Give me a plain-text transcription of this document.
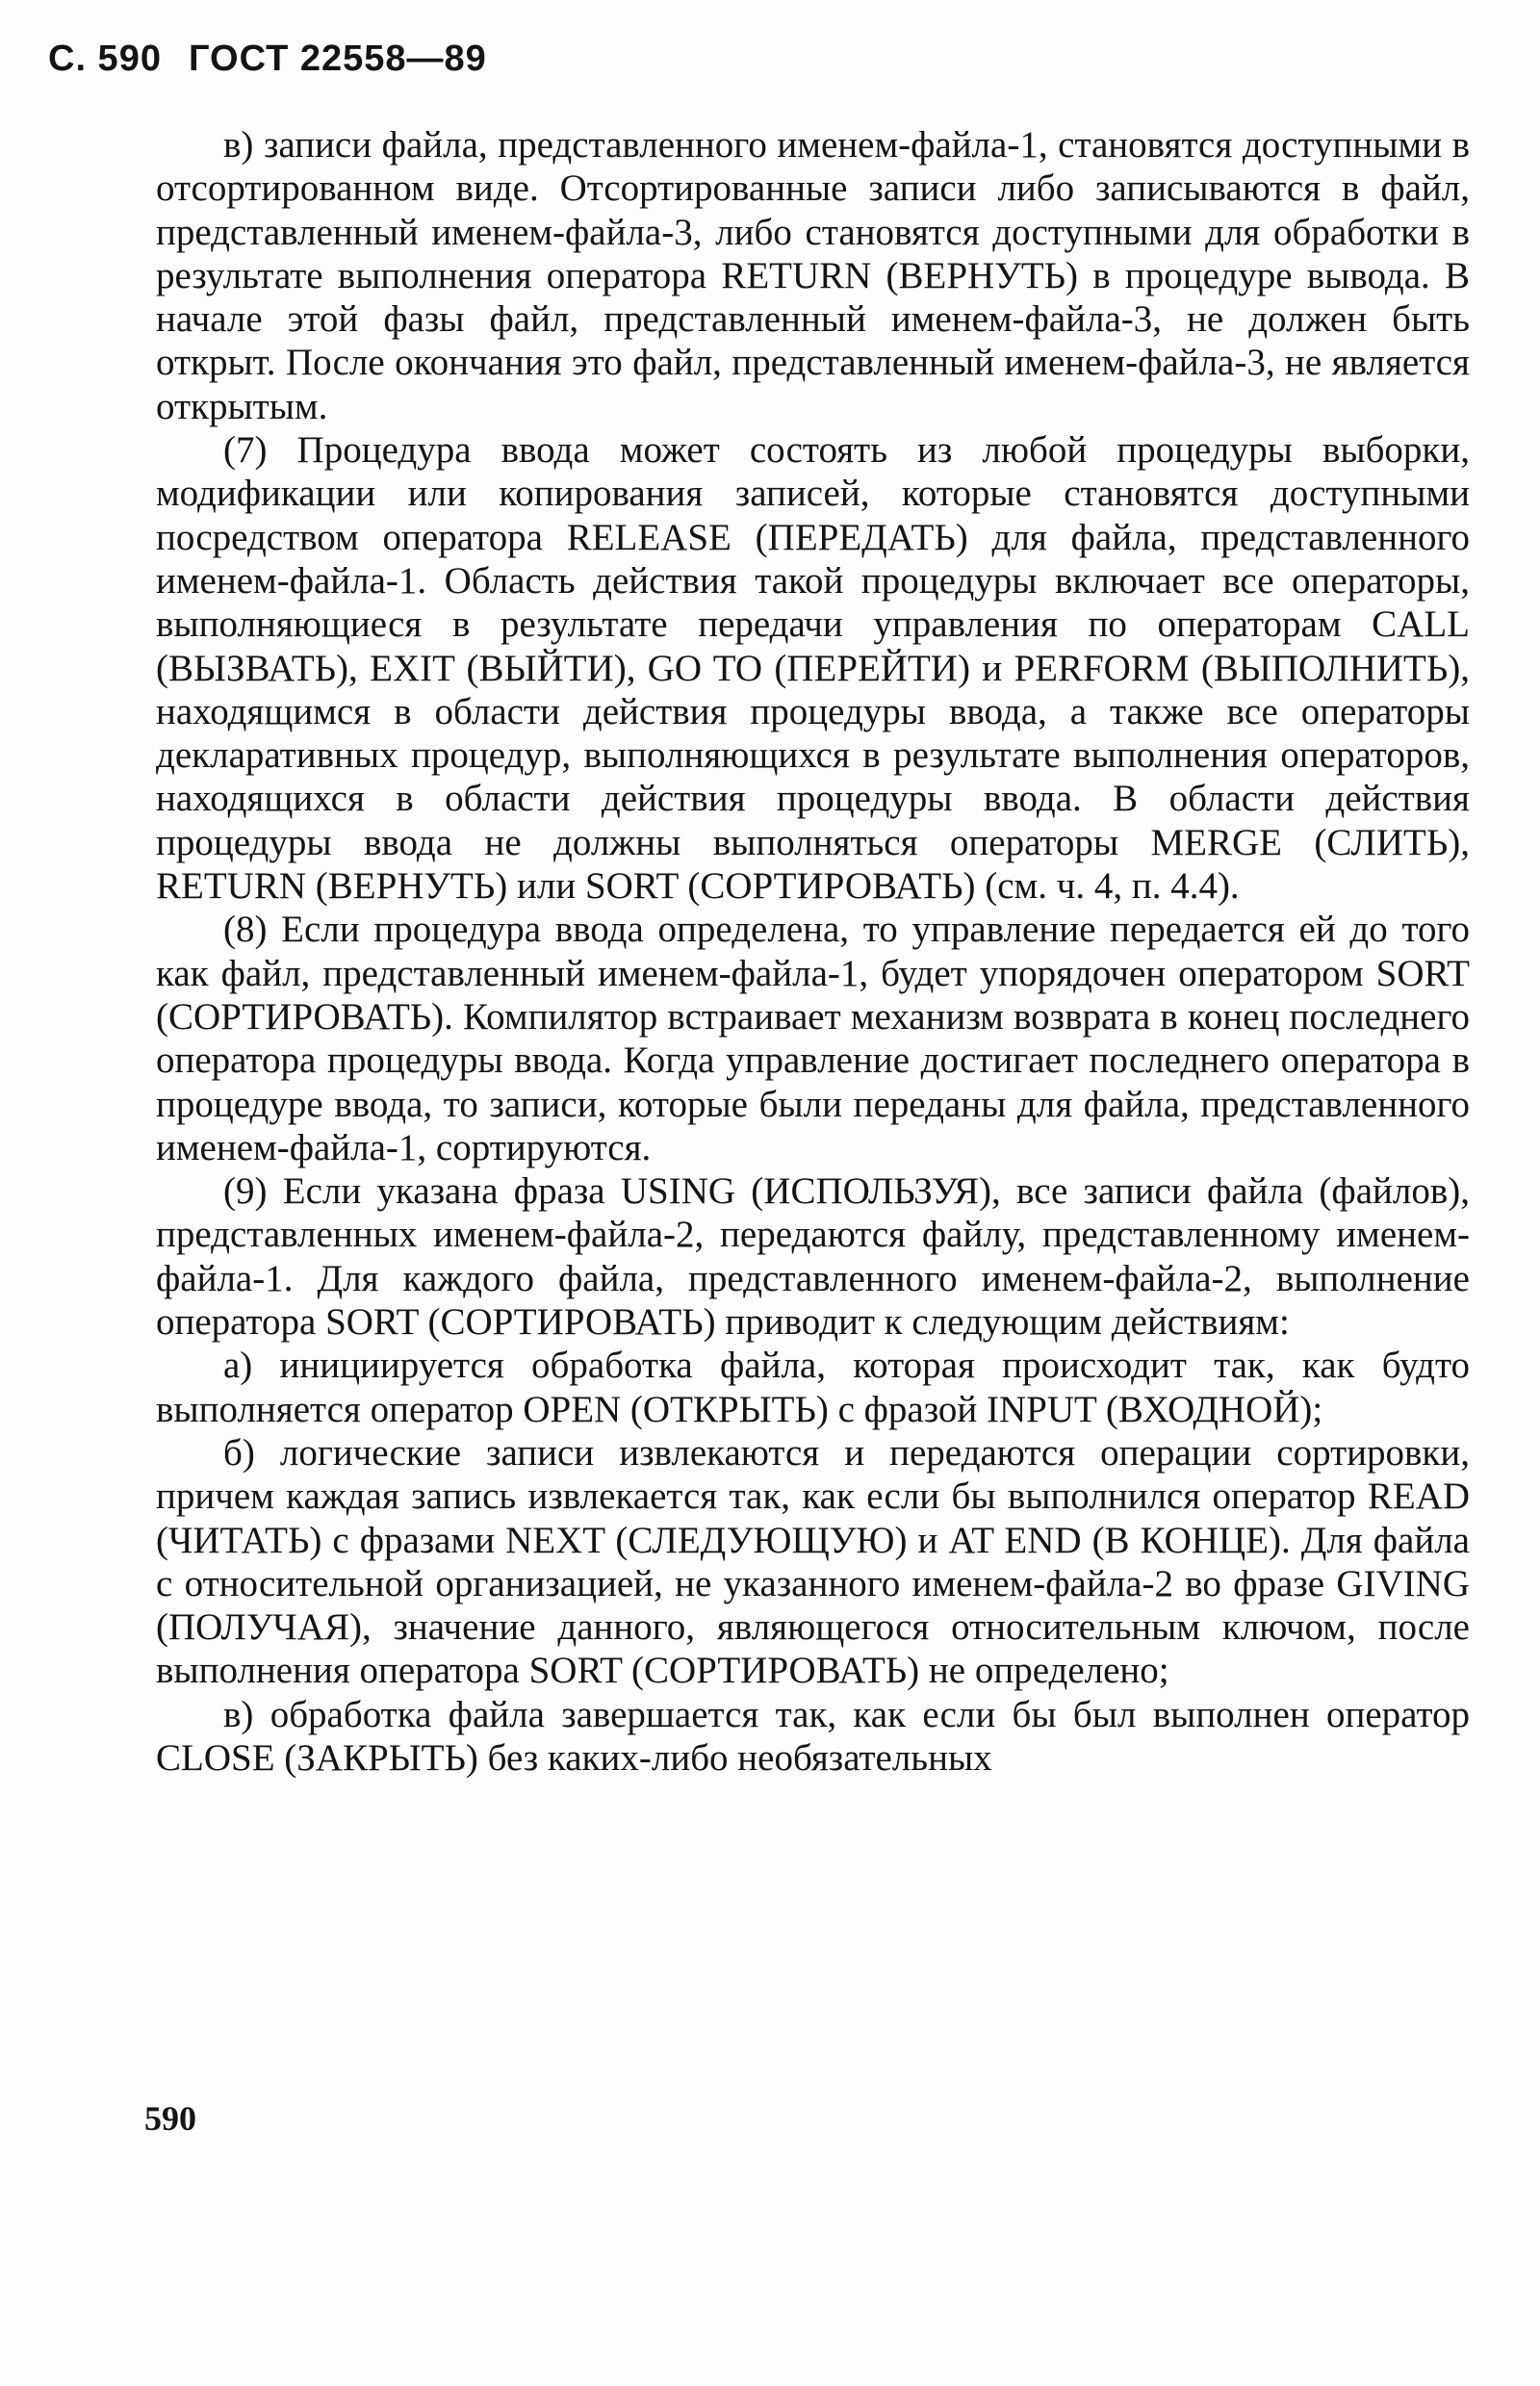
С. 590 ГОСТ 22558—89

в) записи файла, представленного именем-файла-1, становятся доступными в отсортированном виде. Отсортированные записи либо записываются в файл, представленный именем-файла-3, либо становятся доступными для обработки в результате выполнения оператора RETURN (ВЕРНУТЬ) в процедуре вывода. В начале этой фазы файл, представленный именем-файла-3, не должен быть открыт. После окончания это файл, представленный именем-файла-3, не является открытым.

(7) Процедура ввода может состоять из любой процедуры выборки, модификации или копирования записей, которые становятся доступными посредством оператора RELEASE (ПЕРЕДАТЬ) для файла, представленного именем-файла-1. Область действия такой процедуры включает все операторы, выполняющиеся в результате передачи управления по операторам CALL (ВЫЗВАТЬ), EXIT (ВЫЙТИ), GO TO (ПЕРЕЙТИ) и PERFORM (ВЫПОЛНИТЬ), находящимся в области действия процедуры ввода, а также все операторы декларативных процедур, выполняющихся в результате выполнения операторов, находящихся в области действия процедуры ввода. В области действия процедуры ввода не должны выполняться операторы MERGE (СЛИТЬ), RETURN (ВЕРНУТЬ) или SORT (СОРТИРОВАТЬ) (см. ч. 4, п. 4.4).

(8) Если процедура ввода определена, то управление передается ей до того как файл, представленный именем-файла-1, будет упорядочен оператором SORT (СОРТИРОВАТЬ). Компилятор встраивает механизм возврата в конец последнего оператора процедуры ввода. Когда управление достигает последнего оператора в процедуре ввода, то записи, которые были переданы для файла, представленного именем-файла-1, сортируются.

(9) Если указана фраза USING (ИСПОЛЬЗУЯ), все записи файла (файлов), представленных именем-файла-2, передаются файлу, представленному именем-файла-1. Для каждого файла, представленного именем-файла-2, выполнение оператора SORT (СОРТИРОВАТЬ) приводит к следующим действиям:

а) инициируется обработка файла, которая происходит так, как будто выполняется оператор OPEN (ОТКРЫТЬ) с фразой INPUT (ВХОДНОЙ);

б) логические записи извлекаются и передаются операции сортировки, причем каждая запись извлекается так, как если бы выполнился оператор READ (ЧИТАТЬ) с фразами NEXT (СЛЕДУЮЩУЮ) и AT END (В КОНЦЕ). Для файла с относительной организацией, не указанного именем-файла-2 во фразе GIVING (ПОЛУЧАЯ), значение данного, являющегося относительным ключом, после выполнения оператора SORT (СОРТИРОВАТЬ) не определено;

в) обработка файла завершается так, как если бы был выполнен оператор CLOSE (ЗАКРЫТЬ) без каких-либо необязательных

590
